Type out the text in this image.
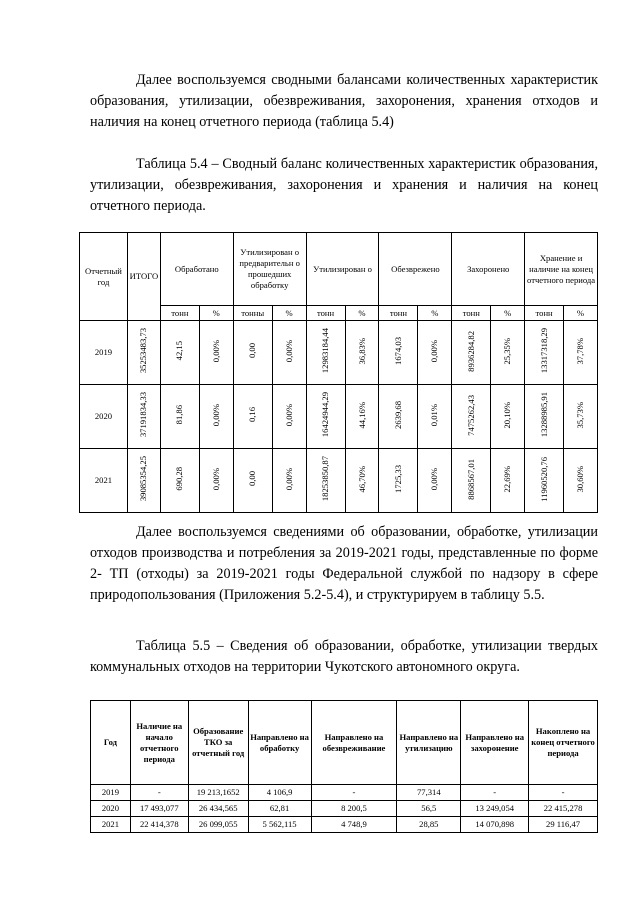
Далее воспользуемся сводными балансами количественных характеристик образования, утилизации, обезвреживания, захоронения, хранения отходов и наличия на конец отчетного периода (таблица 5.4)
Таблица 5.4 – Сводный баланс количественных характеристик образования, утилизации, обезвреживания, захоронения и хранения и наличия на конец отчетного периода.
Отчетный год	ИТОГО	Обработано		Утилизирован о предварительн о прошедших обработку		Утилизирован о		Обезврежено		Захоронено		Хранение и наличие на конец отчетного периода	
		тонн	%	тонны	%	тонн	%	тонн	%	тонн	%	тонн	%
2019	35253483,73	42,15	0,00%	0,00	0,00%	12983184,44	36,83%	1674,03	0,00%	8936284,82	25,35%	13317318,29	37,78%
2020	37191834,33	81,86	0,00%	0,16	0,00%	16424944,29	44,16%	2639,68	0,01%	7475262,43	20,10%	13288985,91	35,73%
2021	39085354,25	690,28	0,00%	0,00	0,00%	18253850,87	46,70%	1725,33	0,00%	8868567,01	22,69%	11960520,76	30,60%
Далее воспользуемся сведениями об образовании, обработке, утилизации отходов производства и потребления за 2019-2021 годы, представленные по форме 2- ТП (отходы) за 2019-2021 годы Федеральной службой по надзору в сфере природопользования (Приложения 5.2-5.4), и структурируем в таблицу 5.5.
Таблица 5.5 – Сведения об образовании, обработке, утилизации твердых коммунальных отходов на территории Чукотского автономного округа.
Год	Наличие на начало отчетного периода	Образование ТКО за отчетный год	Направлено на обработку	Направлено на обезвреживание	Направлено на утилизацию	Направлено на захоронение	Накоплено на конец отчетного периода
2019	-	19 213,1652	4 106,9	-	77,314	-	-
2020	17 493,077	26 434,565	62,81	8 200,5	56,5	13 249,054	22 415,278
2021	22 414,378	26 099,055	5 562,115	4 748,9	28,85	14 070,898	29 116,47
